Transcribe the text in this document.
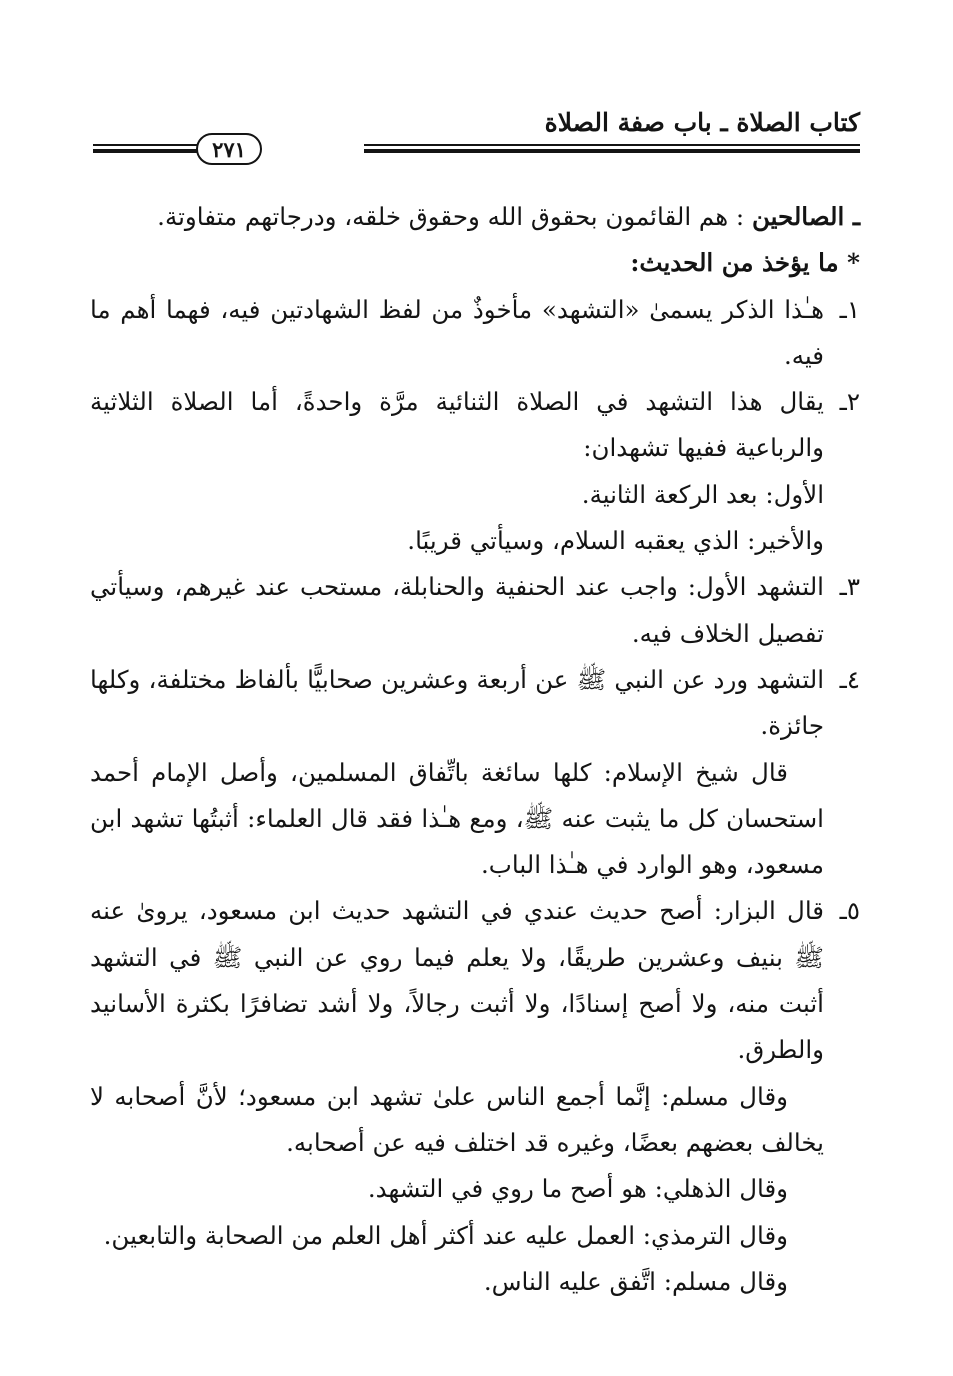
كتاب الصلاة ـ باب صفة الصلاة
٢٧١

ـ الصالحين : هم القائمون بحقوق الله وحقوق خلقه، ودرجاتهم متفاوتة.

* ما يؤخذ من الحديث:

١ـ
هـٰذا الذكر يسمىٰ «التشهد» مأخوذٌ من لفظ الشهادتين فيه، فهما أهم ما فيه.

٢ـ
يقال هذا التشهد في الصلاة الثنائية مرَّة واحدةً، أما الصلاة الثلاثية والرباعية ففيها تشهدان:

الأول: بعد الركعة الثانية.

والأخير: الذي يعقبه السلام، وسيأتي قريبًا.

٣ـ
التشهد الأول: واجب عند الحنفية والحنابلة، مستحب عند غيرهم، وسيأتي تفصيل الخلاف فيه.

٤ـ
التشهد ورد عن النبي ﷺ عن أربعة وعشرين صحابيًّا بألفاظ مختلفة، وكلها جائزة.

قال شيخ الإسلام: كلها سائغة باتِّفاق المسلمين، وأصل الإمام أحمد استحسان كل ما يثبت عنه ﷺ، ومع هـٰذا فقد قال العلماء: أثبتُها تشهد ابن مسعود، وهو الوارد في هـٰذا الباب.

٥ـ
قال البزار: أصح حديث عندي في التشهد حديث ابن مسعود، يروىٰ عنه ﷺ بنيف وعشرين طريقًا، ولا يعلم فيما روي عن النبي ﷺ في التشهد أثبت منه، ولا أصح إسنادًا، ولا أثبت رجالاً، ولا أشد تضافرًا بكثرة الأسانيد والطرق.

وقال مسلم: إنَّما أجمع الناس علىٰ تشهد ابن مسعود؛ لأنَّ أصحابه لا يخالف بعضهم بعضًا، وغيره قد اختلف فيه عن أصحابه.

وقال الذهلي: هو أصح ما روي في التشهد.

وقال الترمذي: العمل عليه عند أكثر أهل العلم من الصحابة والتابعين.

وقال مسلم: اتَّفق عليه الناس.
